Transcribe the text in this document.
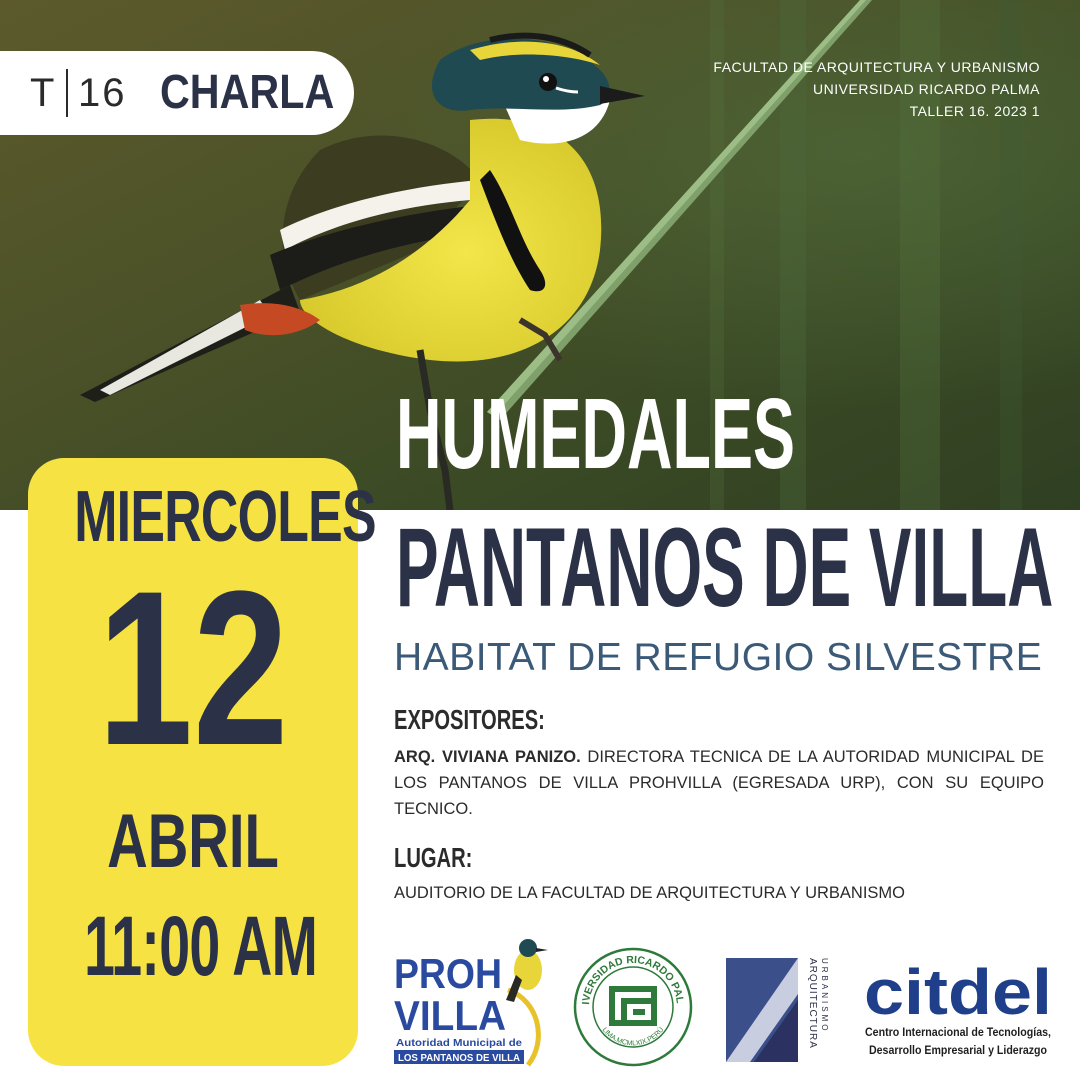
T 16 CHARLA	FACULTAD DE ARQUITECTURA Y URBANISMO
UNIVERSIDAD RICARDO PALMA
TALLER 16. 2023 1
MIERCOLES
12
ABRIL
11:00 AM
HUMEDALES
PANTANOS DE VILLA
HABITAT DE REFUGIO SILVESTRE
EXPOSITORES:
ARQ. VIVIANA PANIZO. DIRECTORA TECNICA DE LA AUTORIDAD MUNICIPAL DE LOS PANTANOS DE VILLA PROHVILLA (EGRESADA URP), CON SU EQUIPO TECNICO.
LUGAR:
AUDITORIO DE LA FACULTAD DE ARQUITECTURA Y URBANISMO
PROH
VILLA
Autoridad Municipal de
LOS PANTANOS DE VILLA
IVERSIDAD RICARDO PAL
LIMA.MCMLXIX.PERÚ	ARQUITECTURA URBANISMO citdel
Centro Internacional de Tecnologías,
Desarrollo Empresarial y Liderazgo
